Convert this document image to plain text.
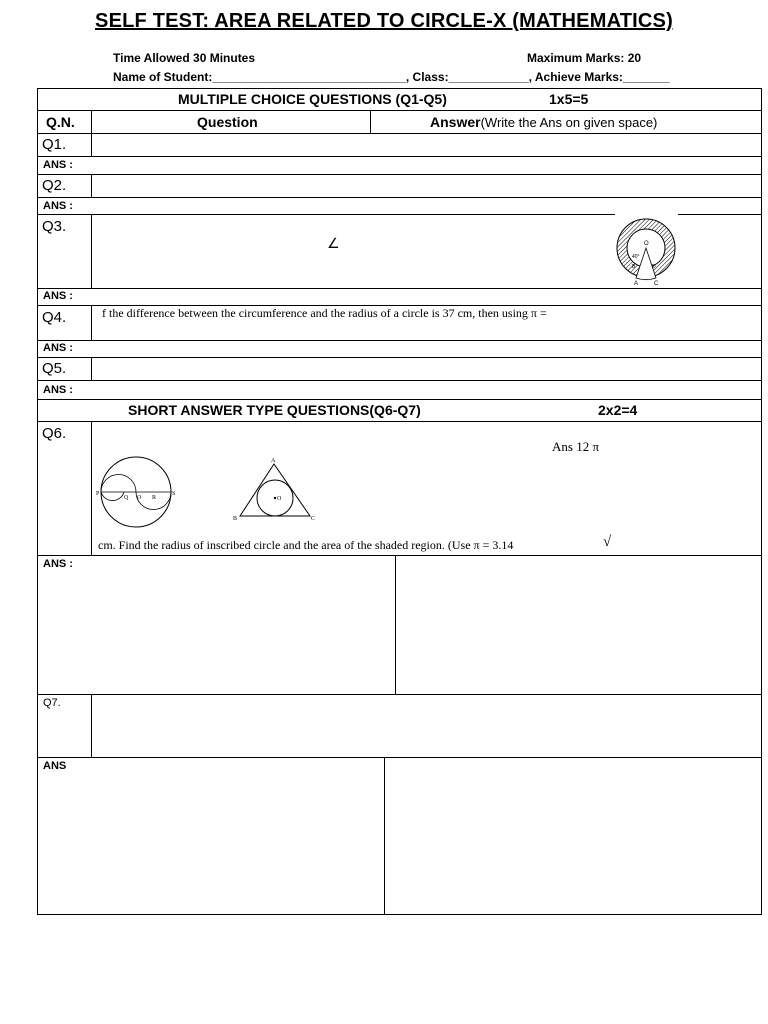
SELF TEST: AREA RELATED TO CIRCLE-X (MATHEMATICS)
Time Allowed 30 Minutes	Maximum Marks: 20
Name of Student:_____________________________, Class:____________, Achieve Marks:_______
MULTIPLE CHOICE QUESTIONS (Q1-Q5)	1x5=5
Q.N.	Question	Answer(Write the Ans on given space)
Q1.
ANS :
Q2.
ANS :
Q3.
∠	O
40°
B	D
A	C
ANS :
Q4.	f the difference between the circumference and the radius of a circle is 37 cm, then using π =
ANS :
Q5.
ANS :
SHORT ANSWER TYPE QUESTIONS(Q6-Q7)	2x2=4
Q6.
Ans 12 π
P
Q O R
S
A
B	C
O
cm. Find the radius of inscribed circle and the area of the shaded region. (Use π = 3.14	√
ANS :
Q7.
ANS
